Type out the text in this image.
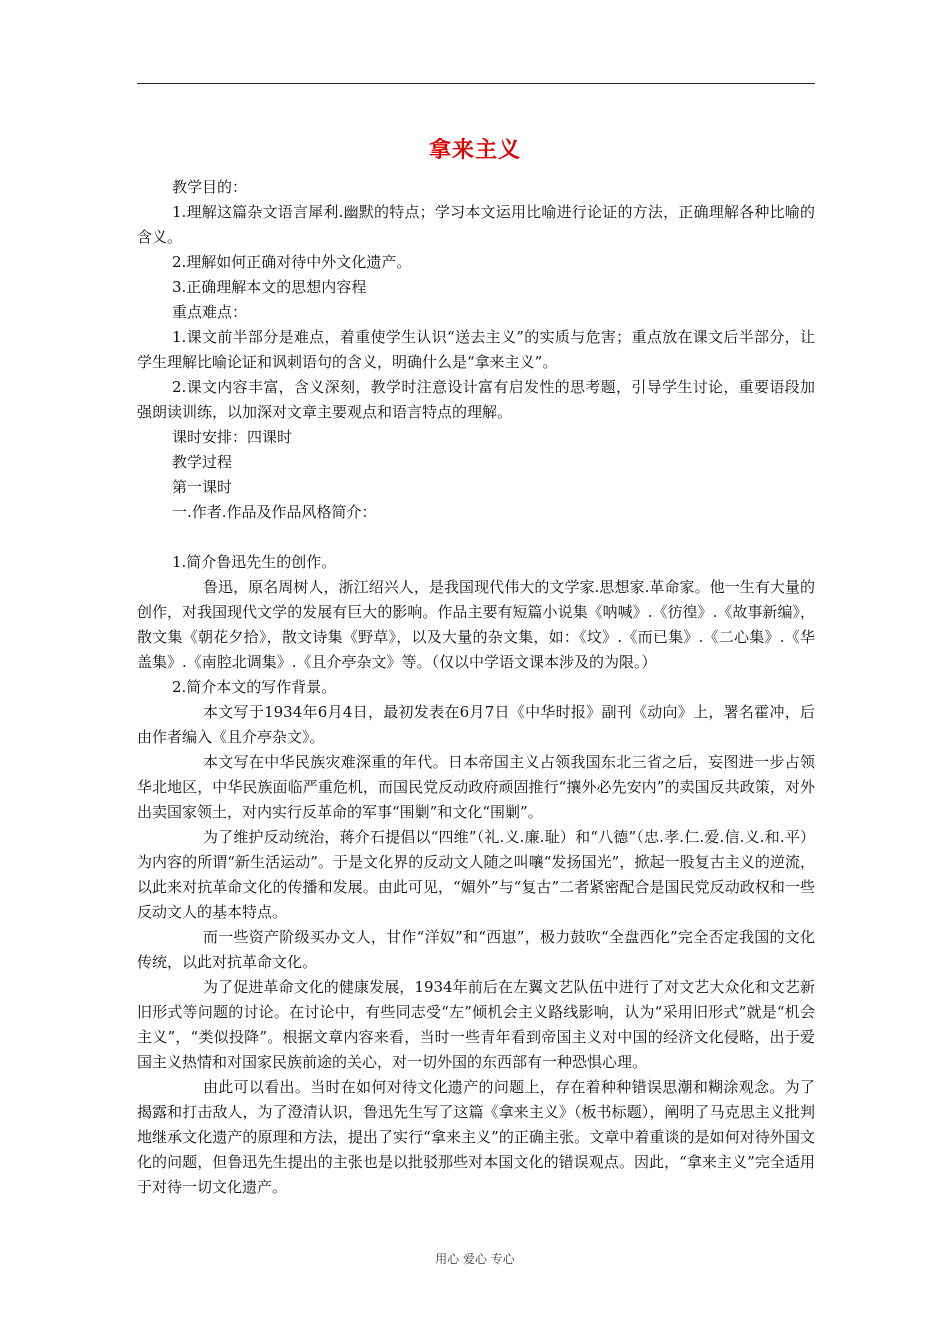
拿来主义

教学目的：

1.理解这篇杂文语言犀利.幽默的特点；学习本文运用比喻进行论证的方法，正确理解各种比喻的含义。

2.理解如何正确对待中外文化遗产。

3.正确理解本文的思想内容程

重点难点：

1.课文前半部分是难点，着重使学生认识“送去主义”的实质与危害；重点放在课文后半部分，让学生理解比喻论证和讽刺语句的含义，明确什么是“拿来主义”。

2.课文内容丰富，含义深刻，教学时注意设计富有启发性的思考题，引导学生讨论，重要语段加强朗读训练，以加深对文章主要观点和语言特点的理解。

课时安排：四课时

教学过程

第一课时

一.作者.作品及作品风格简介：

1.简介鲁迅先生的创作。

鲁迅，原名周树人，浙江绍兴人，是我国现代伟大的文学家.思想家.革命家。他一生有大量的创作，对我国现代文学的发展有巨大的影响。作品主要有短篇小说集《呐喊》.《彷徨》.《故事新编》，散文集《朝花夕拾》，散文诗集《野草》，以及大量的杂文集，如：《坟》.《而已集》.《二心集》.《华盖集》.《南腔北调集》.《且介亭杂文》等。（仅以中学语文课本涉及的为限。）

2.简介本文的写作背景。

本文写于1934年6月4日，最初发表在6月7日《中华时报》副刊《动向》上，署名霍冲，后由作者编入《且介亭杂文》。

本文写在中华民族灾难深重的年代。日本帝国主义占领我国东北三省之后，妄图进一步占领华北地区，中华民族面临严重危机，而国民党反动政府顽固推行“攘外必先安内”的卖国反共政策，对外出卖国家领土，对内实行反革命的军事“围剿”和文化“围剿”。

为了维护反动统治，蒋介石提倡以“四维”（礼.义.廉.耻）和“八德”（忠.孝.仁.爱.信.义.和.平）为内容的所谓“新生活运动”。于是文化界的反动文人随之叫嚷“发扬国光”，掀起一股复古主义的逆流，以此来对抗革命文化的传播和发展。由此可见，“媚外”与“复古”二者紧密配合是国民党反动政权和一些反动文人的基本特点。

而一些资产阶级买办文人，甘作“洋奴”和“西崽”，极力鼓吹“全盘西化”完全否定我国的文化传统，以此对抗革命文化。

为了促进革命文化的健康发展，1934年前后在左翼文艺队伍中进行了对文艺大众化和文艺新旧形式等问题的讨论。在讨论中，有些同志受“左”倾机会主义路线影响，认为“采用旧形式”就是“机会主义”，“类似投降”。根据文章内容来看，当时一些青年看到帝国主义对中国的经济文化侵略，出于爱国主义热情和对国家民族前途的关心，对一切外国的东西部有一种恐惧心理。

由此可以看出。当时在如何对待文化遗产的问题上，存在着种种错误思潮和糊涂观念。为了揭露和打击敌人，为了澄清认识，鲁迅先生写了这篇《拿来主义》（板书标题），阐明了马克思主义批判地继承文化遗产的原理和方法，提出了实行“拿来主义”的正确主张。文章中着重谈的是如何对待外国文化的问题，但鲁迅先生提出的主张也是以批驳那些对本国文化的错误观点。因此，“拿来主义”完全适用于对待一切文化遗产。

用心 爱心 专心
